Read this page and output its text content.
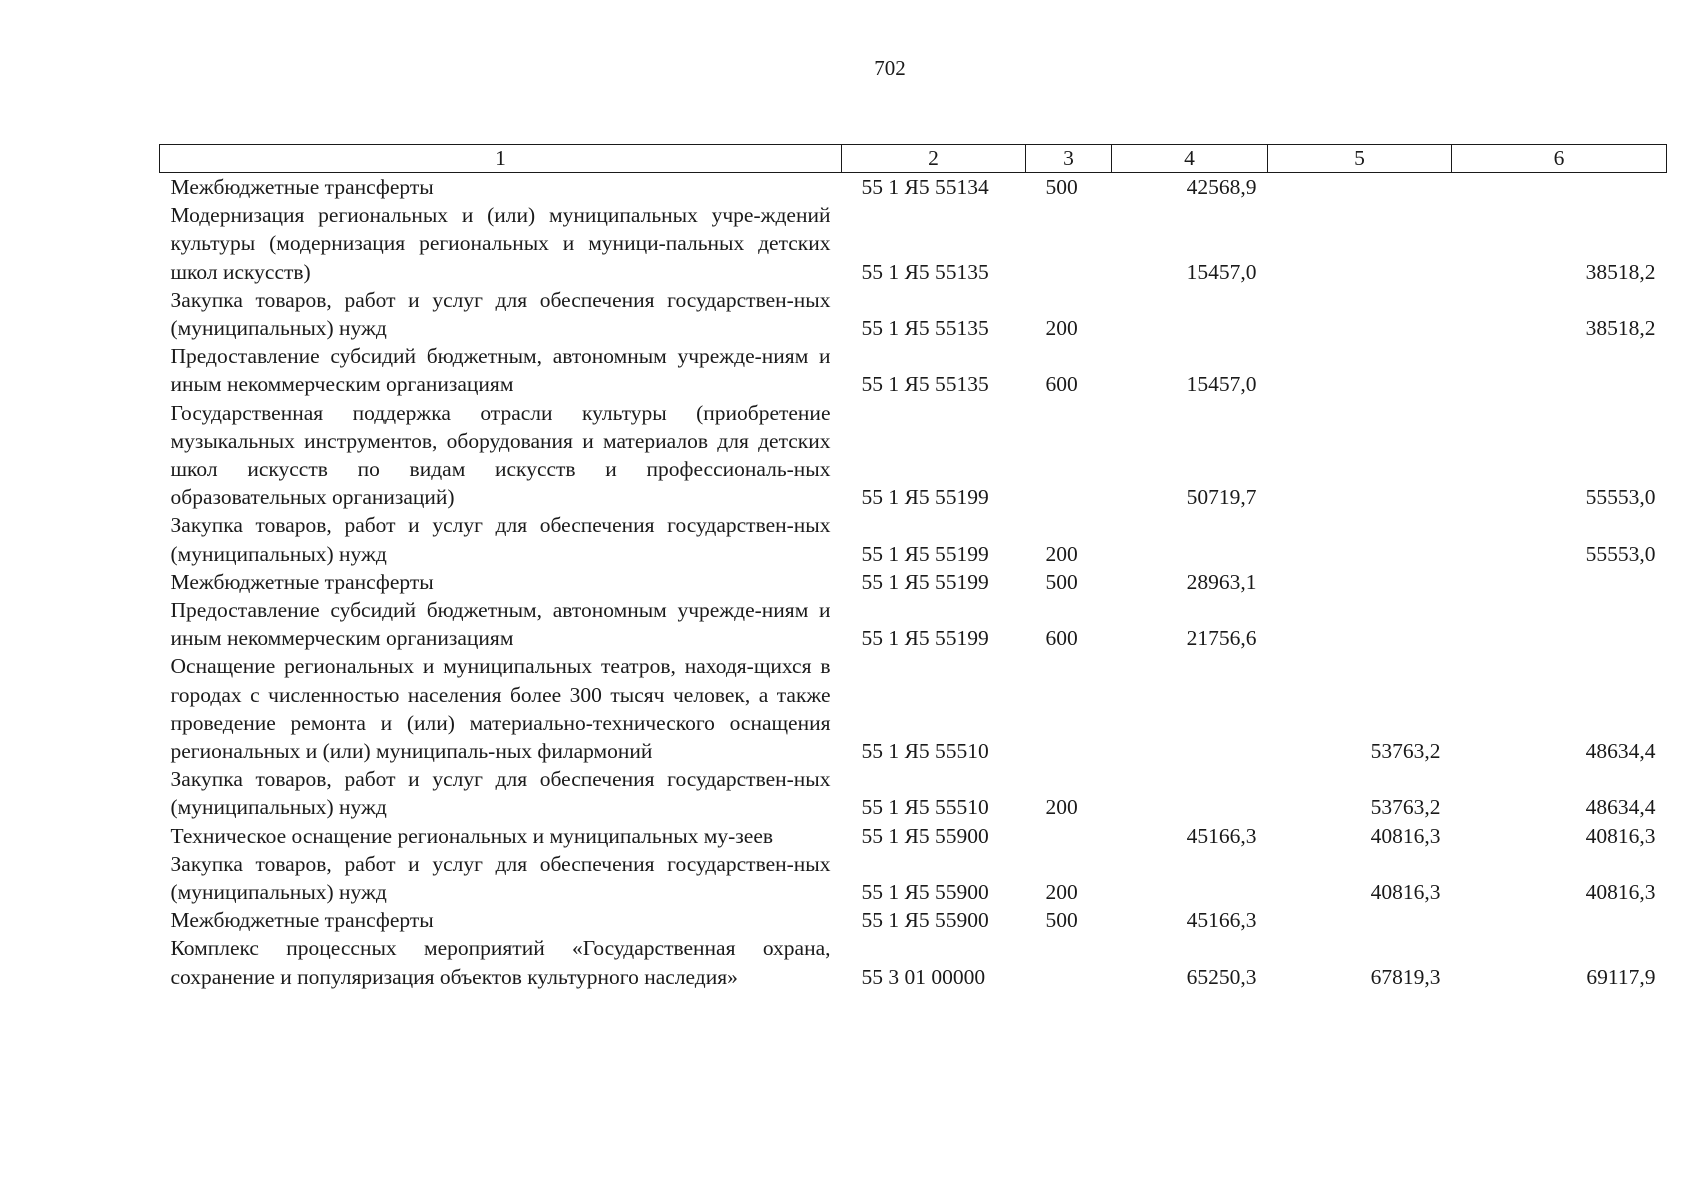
702
1	2	3	4	5	6
Межбюджетные трансферты	55 1 Я5 55134	500	42568,9		
Модернизация региональных и (или) муниципальных учре-ждений культуры (модернизация региональных и муници-пальных детских школ искусств)	55 1 Я5 55135		15457,0		38518,2
Закупка товаров, работ и услуг для обеспечения государствен-ных (муниципальных) нужд	55 1 Я5 55135	200			38518,2
Предоставление субсидий бюджетным, автономным учрежде-ниям и иным некоммерческим организациям	55 1 Я5 55135	600	15457,0		
Государственная поддержка отрасли культуры (приобретение музыкальных инструментов, оборудования и материалов для детских школ искусств по видам искусств и профессиональ-ных образовательных организаций)	55 1 Я5 55199		50719,7		55553,0
Закупка товаров, работ и услуг для обеспечения государствен-ных (муниципальных) нужд	55 1 Я5 55199	200			55553,0
Межбюджетные трансферты	55 1 Я5 55199	500	28963,1		
Предоставление субсидий бюджетным, автономным учрежде-ниям и иным некоммерческим организациям	55 1 Я5 55199	600	21756,6		
Оснащение региональных и муниципальных театров, находя-щихся в городах с численностью населения более 300 тысяч человек, а также проведение ремонта и (или) материально-технического оснащения региональных и (или) муниципаль-ных филармоний	55 1 Я5 55510			53763,2	48634,4
Закупка товаров, работ и услуг для обеспечения государствен-ных (муниципальных) нужд	55 1 Я5 55510	200		53763,2	48634,4
Техническое оснащение региональных и муниципальных му-зеев	55 1 Я5 55900		45166,3	40816,3	40816,3
Закупка товаров, работ и услуг для обеспечения государствен-ных (муниципальных) нужд	55 1 Я5 55900	200		40816,3	40816,3
Межбюджетные трансферты	55 1 Я5 55900	500	45166,3		
Комплекс процессных мероприятий «Государственная охрана, сохранение и популяризация объектов культурного наследия»	55 3 01 00000		65250,3	67819,3	69117,9
